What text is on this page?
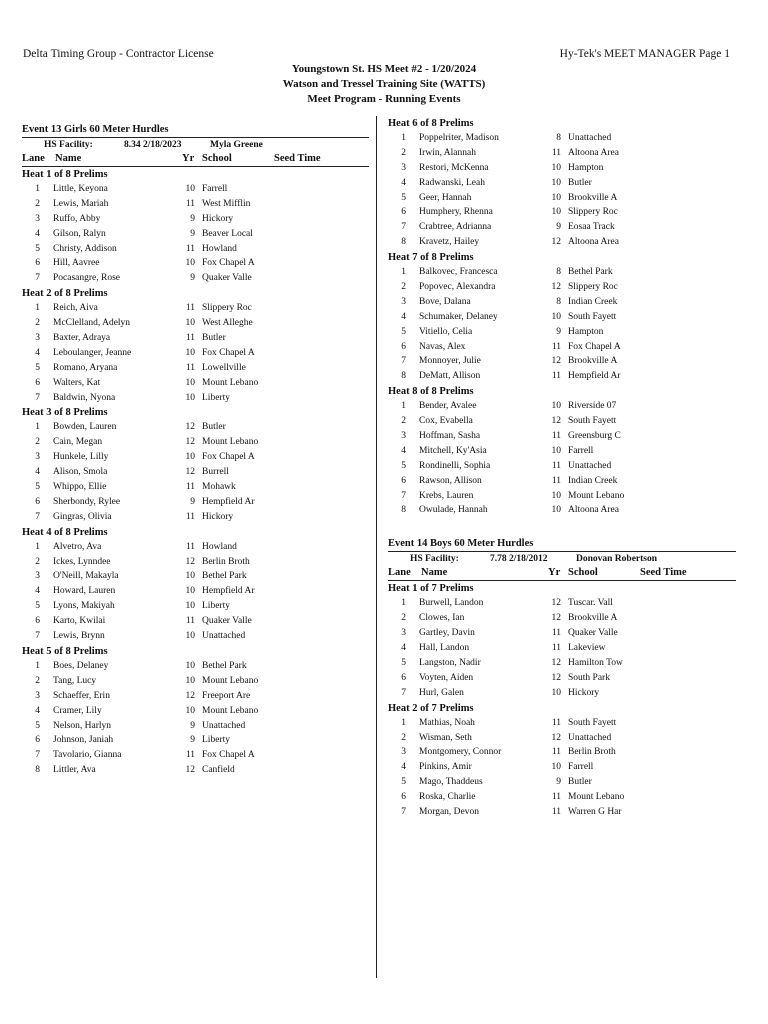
Delta Timing Group - Contractor License	Hy-Tek's MEET MANAGER Page 1
Youngstown St. HS Meet #2 - 1/20/2024
Watson and Tressel Training Site (WATTS)
Meet Program - Running Events
Event 13 Girls 60 Meter Hurdles
HS Facility:	8.34 2/18/2023	Myla Greene
Lane Name	Yr School	Seed Time
Heat 1 of 8 Prelims
1 Little, Keyona	10 Farrell
2 Lewis, Mariah	11 West Mifflin
3 Ruffo, Abby	9 Hickory
4 Gilson, Ralyn	9 Beaver Local
5 Christy, Addison	11 Howland
6 Hill, Aavree	10 Fox Chapel A
7 Pocasangre, Rose	9 Quaker Valle
Heat 2 of 8 Prelims
1 Reich, Aiva	11 Slippery Roc
2 McClelland, Adelyn	10 West Alleghe
3 Baxter, Adraya	11 Butler
4 Leboulanger, Jeanne	10 Fox Chapel A
5 Romano, Aryana	11 Lowellville
6 Walters, Kat	10 Mount Lebano
7 Baldwin, Nyona	10 Liberty
Heat 3 of 8 Prelims
1 Bowden, Lauren	12 Butler
2 Cain, Megan	12 Mount Lebano
3 Hunkele, Lilly	10 Fox Chapel A
4 Alison, Smola	12 Burrell
5 Whippo, Ellie	11 Mohawk
6 Sherbondy, Rylee	9 Hempfield Ar
7 Gingras, Olivia	11 Hickory
Heat 4 of 8 Prelims
1 Alvetro, Ava	11 Howland
2 Ickes, Lynndee	12 Berlin Broth
3 O'Neill, Makayla	10 Bethel Park
4 Howard, Lauren	10 Hempfield Ar
5 Lyons, Makiyah	10 Liberty
6 Karto, Kwilai	11 Quaker Valle
7 Lewis, Brynn	10 Unattached
Heat 5 of 8 Prelims
1 Boes, Delaney	10 Bethel Park
2 Tang, Lucy	10 Mount Lebano
3 Schaeffer, Erin	12 Freeport Are
4 Cramer, Lily	10 Mount Lebano
5 Nelson, Harlyn	9 Unattached
6 Johnson, Janiah	9 Liberty
7 Tavolario, Gianna	11 Fox Chapel A
8 Littler, Ava	12 Canfield
Heat 6 of 8 Prelims
1 Poppelriter, Madison	8 Unattached
2 Irwin, Alannah	11 Altoona Area
3 Restori, McKenna	10 Hampton
4 Radwanski, Leah	10 Butler
5 Geer, Hannah	10 Brookville A
6 Humphery, Rhenna	10 Slippery Roc
7 Crabtree, Adrianna	9 Eosaa Track
8 Kravetz, Hailey	12 Altoona Area
Heat 7 of 8 Prelims
1 Balkovec, Francesca	8 Bethel Park
2 Popovec, Alexandra	12 Slippery Roc
3 Bove, Dalana	8 Indian Creek
4 Schumaker, Delaney	10 South Fayett
5 Vitiello, Celia	9 Hampton
6 Navas, Alex	11 Fox Chapel A
7 Monnoyer, Julie	12 Brookville A
8 DeMatt, Allison	11 Hempfield Ar
Heat 8 of 8 Prelims
1 Bender, Avalee	10 Riverside 07
2 Cox, Evabella	12 South Fayett
3 Hoffman, Sasha	11 Greensburg C
4 Mitchell, Ky'Asia	10 Farrell
5 Rondinelli, Sophia	11 Unattached
6 Rawson, Allison	11 Indian Creek
7 Krebs, Lauren	10 Mount Lebano
8 Owulade, Hannah	10 Altoona Area
Event 14 Boys 60 Meter Hurdles
HS Facility:	7.78 2/18/2012	Donovan Robertson
Lane Name	Yr School	Seed Time
Heat 1 of 7 Prelims
1 Burwell, Landon	12 Tuscar. Vall
2 Clowes, Ian	12 Brookville A
3 Gartley, Davin	11 Quaker Valle
4 Hall, Landon	11 Lakeview
5 Langston, Nadir	12 Hamilton Tow
6 Voyten, Aiden	12 South Park
7 Hurl, Galen	10 Hickory
Heat 2 of 7 Prelims
1 Mathias, Noah	11 South Fayett
2 Wisman, Seth	12 Unattached
3 Montgomery, Connor	11 Berlin Broth
4 Pinkins, Amir	10 Farrell
5 Mago, Thaddeus	9 Butler
6 Roska, Charlie	11 Mount Lebano
7 Morgan, Devon	11 Warren G Har
